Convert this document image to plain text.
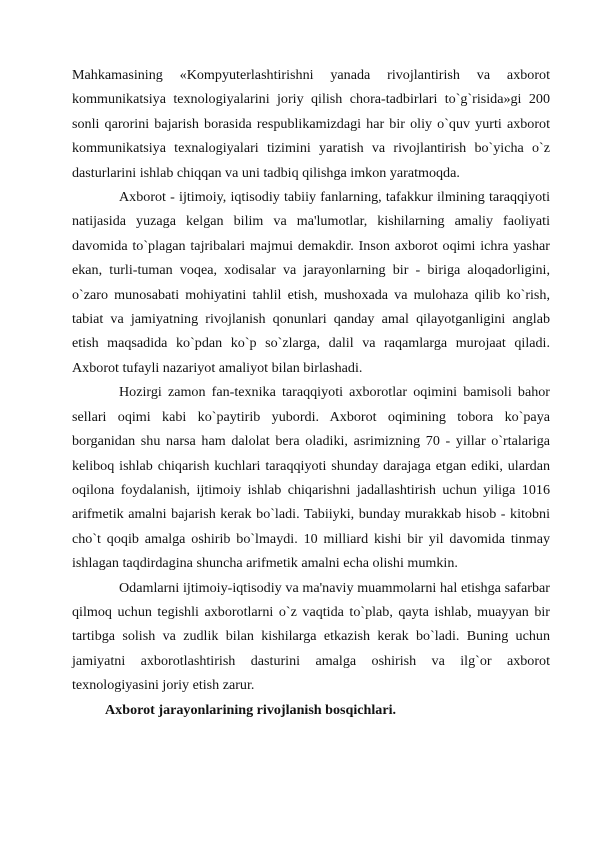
Mahkamasining «Kompyuterlashtirishni yanada rivojlantirish va axborot kommunikatsiya texnologiyalarini joriy qilish chora-tadbirlari to`g`risida»gi 200 sonli qarorini bajarish borasida respublikamizdagi har bir oliy o`quv yurti axborot kommunikatsiya texnalogiyalari tizimini yaratish va rivojlantirish bo`yicha o`z dasturlarini ishlab chiqqan va uni tadbiq qilishga imkon yaratmoqda.

Axborot - ijtimoiy, iqtisodiy tabiiy fanlarning, tafakkur ilmining taraqqiyoti natijasida yuzaga kelgan bilim va ma'lumotlar, kishilarning amaliy faoliyati davomida to`plagan tajribalari majmui demakdir. Inson axborot oqimi ichra yashar ekan, turli-tuman voqea, xodisalar va jarayonlarning bir - biriga aloqadorligini, o`zaro munosabati mohiyatini tahlil etish, mushoxada va mulohaza qilib ko`rish, tabiat va jamiyatning rivojlanish qonunlari qanday amal qilayotganligini anglab etish maqsadida ko`pdan ko`p so`zlarga, dalil va raqamlarga murojaat qiladi. Axborot tufayli nazariyot amaliyot bilan birlashadi.

Hozirgi zamon fan-texnika taraqqiyoti axborotlar oqimini bamisoli bahor sellari oqimi kabi ko`paytirib yubordi. Axborot oqimining tobora ko`paya borganidan shu narsa ham dalolat bera oladiki, asrimizning 70 - yillar o`rtalariga keliboq ishlab chiqarish kuchlari taraqqiyoti shunday darajaga etgan ediki, ulardan oqilona foydalanish, ijtimoiy ishlab chiqarishni jadallashtirish uchun yiliga 1016 arifmetik amalni bajarish kerak bo`ladi. Tabiiyki, bunday murakkab hisob - kitobni cho`t qoqib amalga oshirib bo`lmaydi. 10 milliard kishi bir yil davomida tinmay ishlagan taqdirdagina shuncha arifmetik amalni echa olishi mumkin.

Odamlarni ijtimoiy-iqtisodiy va ma'naviy muammolarni hal etishga safarbar qilmoq uchun tegishli axborotlarni o`z vaqtida to`plab, qayta ishlab, muayyan bir tartibga solish va zudlik bilan kishilarga etkazish kerak bo`ladi. Buning uchun jamiyatni axborotlashtirish dasturini amalga oshirish va ilg`or axborot texnologiyasini joriy etish zarur.

Axborot jarayonlarining rivojlanish bosqichlari.
